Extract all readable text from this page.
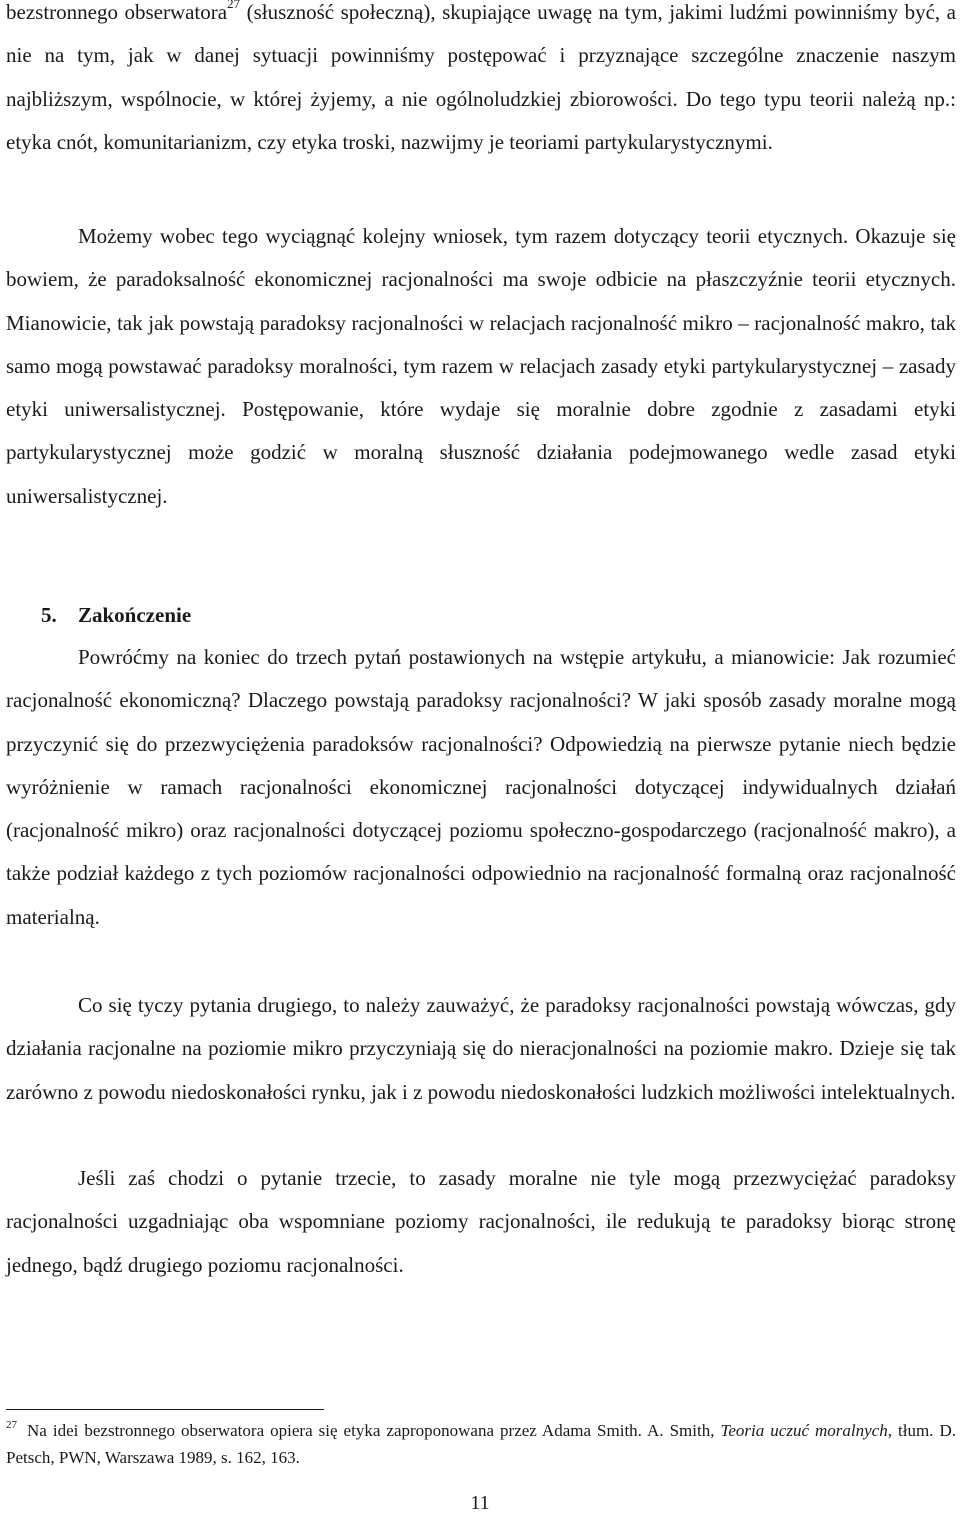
bezstronnego obserwatora$^{27}$ (słuszność społeczną), skupiające uwagę na tym, jakimi ludźmi powinniśmy być, a nie na tym, jak w danej sytuacji powinniśmy postępować i przyznające szczególne znaczenie naszym najbliższym, wspólnocie, w której żyjemy, a nie ogólnoludzkiej zbiorowości. Do tego typu teorii należą np.: etyka cnót, komunitarianizm, czy etyka troski, nazwijmy je teoriami partykularystycznymi.

Możemy wobec tego wyciągnąć kolejny wniosek, tym razem dotyczący teorii etycznych. Okazuje się bowiem, że paradoksalność ekonomicznej racjonalności ma swoje odbicie na płaszczyźnie teorii etycznych. Mianowicie, tak jak powstają paradoksy racjonalności w relacjach racjonalność mikro – racjonalność makro, tak samo mogą powstawać paradoksy moralności, tym razem w relacjach zasady etyki partykularystycznej – zasady etyki uniwersalistycznej. Postępowanie, które wydaje się moralnie dobre zgodnie z zasadami etyki partykularystycznej może godzić w moralną słuszność działania podejmowanego wedle zasad etyki uniwersalistycznej.

5. Zakończenie

Powróćmy na koniec do trzech pytań postawionych na wstępie artykułu, a mianowicie: Jak rozumieć racjonalność ekonomiczną? Dlaczego powstają paradoksy racjonalności? W jaki sposób zasady moralne mogą przyczynić się do przezwyciężenia paradoksów racjonalności? Odpowiedzią na pierwsze pytanie niech będzie wyróżnienie w ramach racjonalności ekonomicznej racjonalności dotyczącej indywidualnych działań (racjonalność mikro) oraz racjonalności dotyczącej poziomu społeczno-gospodarczego (racjonalność makro), a także podział każdego z tych poziomów racjonalności odpowiednio na racjonalność formalną oraz racjonalność materialną.

Co się tyczy pytania drugiego, to należy zauważyć, że paradoksy racjonalności powstają wówczas, gdy działania racjonalne na poziomie mikro przyczyniają się do nieracjonalności na poziomie makro. Dzieje się tak zarówno z powodu niedoskonałości rynku, jak i z powodu niedoskonałości ludzkich możliwości intelektualnych.

Jeśli zaś chodzi o pytanie trzecie, to zasady moralne nie tyle mogą przezwyciężać paradoksy racjonalności uzgadniając oba wspomniane poziomy racjonalności, ile redukują te paradoksy biorąc stronę jednego, bądź drugiego poziomu racjonalności.

$^{27}$ Na idei bezstronnego obserwatora opiera się etyka zaproponowana przez Adama Smith. A. Smith, Teoria uczuć moralnych, tłum. D. Petsch, PWN, Warszawa 1989, s. 162, 163.

11
